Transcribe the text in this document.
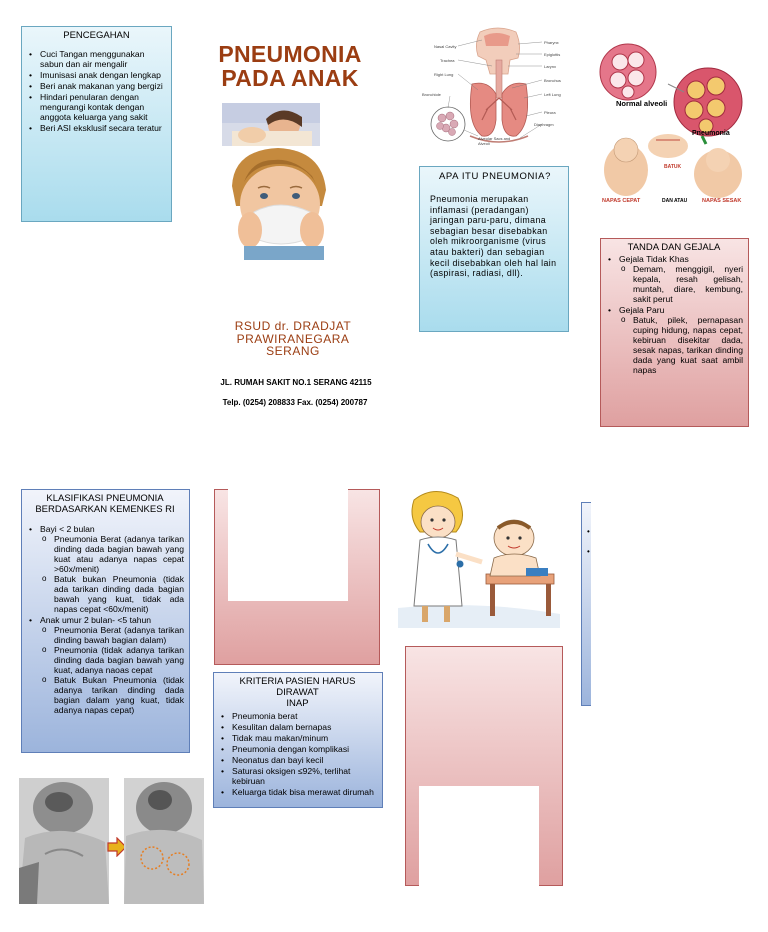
PENCEGAHAN
• Cuci Tangan menggunakan sabun dan air mengalir
• Imunisasi anak dengan lengkap
• Beri anak makanan yang bergizi
• Hindari penularan dengan mengurangi kontak dengan anggota keluarga yang sakit
• Beri ASI eksklusif secara teratur
PNEUMONIA
PADA ANAK
RSUD dr. DRADJAT
PRAWIRANEGARA
SERANG
JL. RUMAH SAKIT NO.1 SERANG 42115
Telp. (0254) 208833 Fax. (0254) 200787
Nasal Cavity
Trachea
Right Lung
Bronchiole
Alveolar Sacs and Alveoli
Pharynx
Epiglottis
Larynx
Bronchus
Left Lung
Pleura
Diaphragm
APA ITU PNEUMONIA?
Pneumonia merupakan inflamasi (peradangan) jaringan paru-paru, dimana sebagian besar disebabkan oleh mikroorganisme (virus atau bakteri) dan sebagian kecil disebabkan oleh hal lain (aspirasi, radiasi, dll).
Normal alveoli
Pneumonia
NAPAS CEPAT
BATUK
DAN ATAU	NAPAS SESAK
TANDA DAN GEJALA
• Gejala Tidak Khas
o Demam, menggigil, nyeri kepala, resah gelisah, muntah, diare, kembung, sakit perut
• Gejala Paru
o Batuk, pilek, pernapasan cuping hidung, napas cepat, kebiruan disekitar dada, sesak napas, tarikan dinding dada yang kuat saat ambil napas
KLASIFIKASI PNEUMONIA
BERDASARKAN KEMENKES RI
• Bayi < 2 bulan
o Pneumonia Berat (adanya tarikan dinding dada bagian bawah yang kuat atau adanya napas cepat >60x/menit)
o Batuk bukan Pneumonia (tidak ada tarikan dinding dada bagian bawah yang kuat, tidak ada napas cepat <60x/menit)
• Anak umur 2 bulan- <5 tahun
o Pneumonia Berat (adanya tarikan dinding bawah bagian dalam)
o Pneumonia (tidak adanya tarikan dinding dada bagian bawah yang kuat, adanya naoas cepat
o Batuk Bukan Pneumonia (tidak adanya tarikan dinding dada bagian dalam yang kuat, tidak adanya napas cepat)
KRITERIA PASIEN HARUS DIRAWAT
INAP
• Pneumonia berat
• Kesulitan dalam bernapas
• Tidak mau makan/minum
• Pneumonia dengan komplikasi
• Neonatus dan bayi kecil
• Saturasi oksigen ≤92%, terlihat kebiruan
• Keluarga tidak bisa merawat dirumah
•
•
